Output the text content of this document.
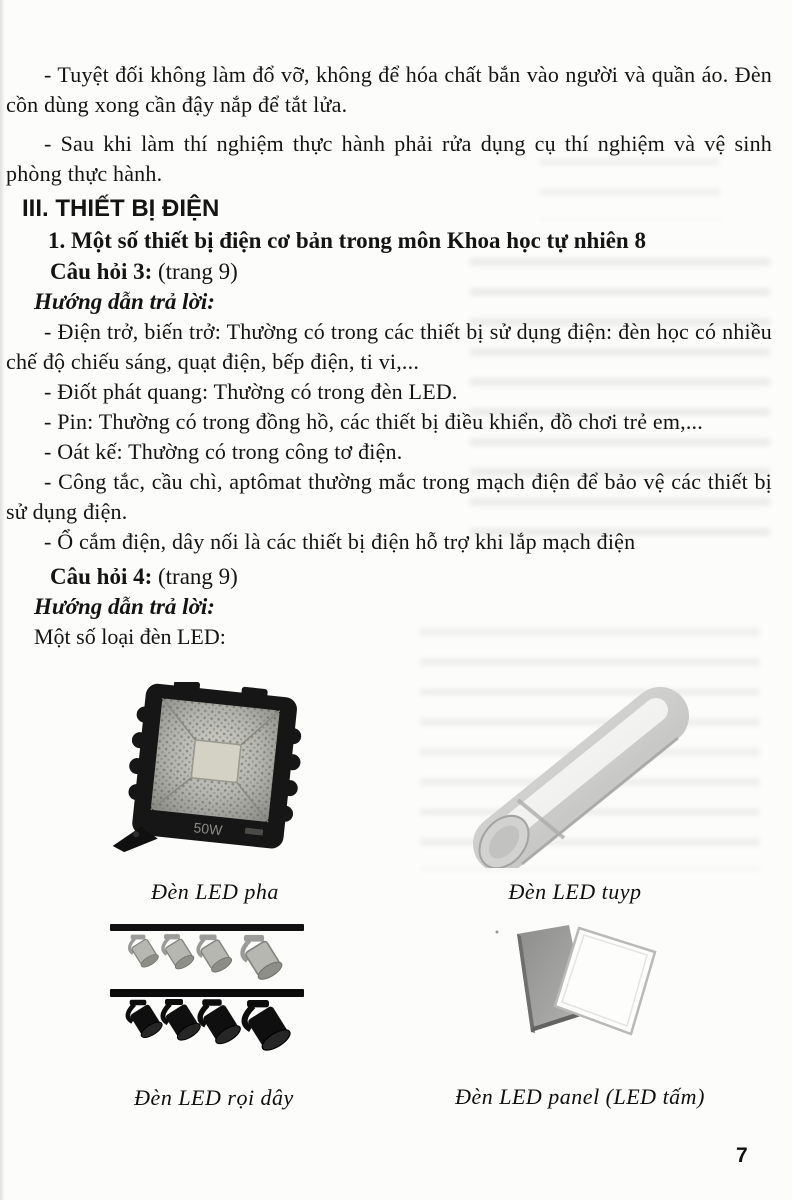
- Tuyệt đối không làm đổ vỡ, không để hóa chất bắn vào người và quần áo. Đèn cồn dùng xong cần đậy nắp để tắt lửa.

- Sau khi làm thí nghiệm thực hành phải rửa dụng cụ thí nghiệm và vệ sinh phòng thực hành.

III. THIẾT BỊ ĐIỆN
1. Một số thiết bị điện cơ bản trong môn Khoa học tự nhiên 8

Câu hỏi 3: (trang 9)

Hướng dẫn trả lời:

- Điện trở, biến trở: Thường có trong các thiết bị sử dụng điện: đèn học có nhiều chế độ chiếu sáng, quạt điện, bếp điện, ti vi,...

- Điốt phát quang: Thường có trong đèn LED.

- Pin: Thường có trong đồng hồ, các thiết bị điều khiển, đồ chơi trẻ em,...

- Oát kế: Thường có trong công tơ điện.

- Công tắc, cầu chì, aptômat thường mắc trong mạch điện để bảo vệ các thiết bị sử dụng điện.

- Ổ cắm điện, dây nối là các thiết bị điện hỗ trợ khi lắp mạch điện

Câu hỏi 4: (trang 9)

Hướng dẫn trả lời:

Một số loại đèn LED:

50W
Đèn LED pha	Đèn LED tuyp
Đèn LED rọi dây	Đèn LED panel (LED tấm)
7
